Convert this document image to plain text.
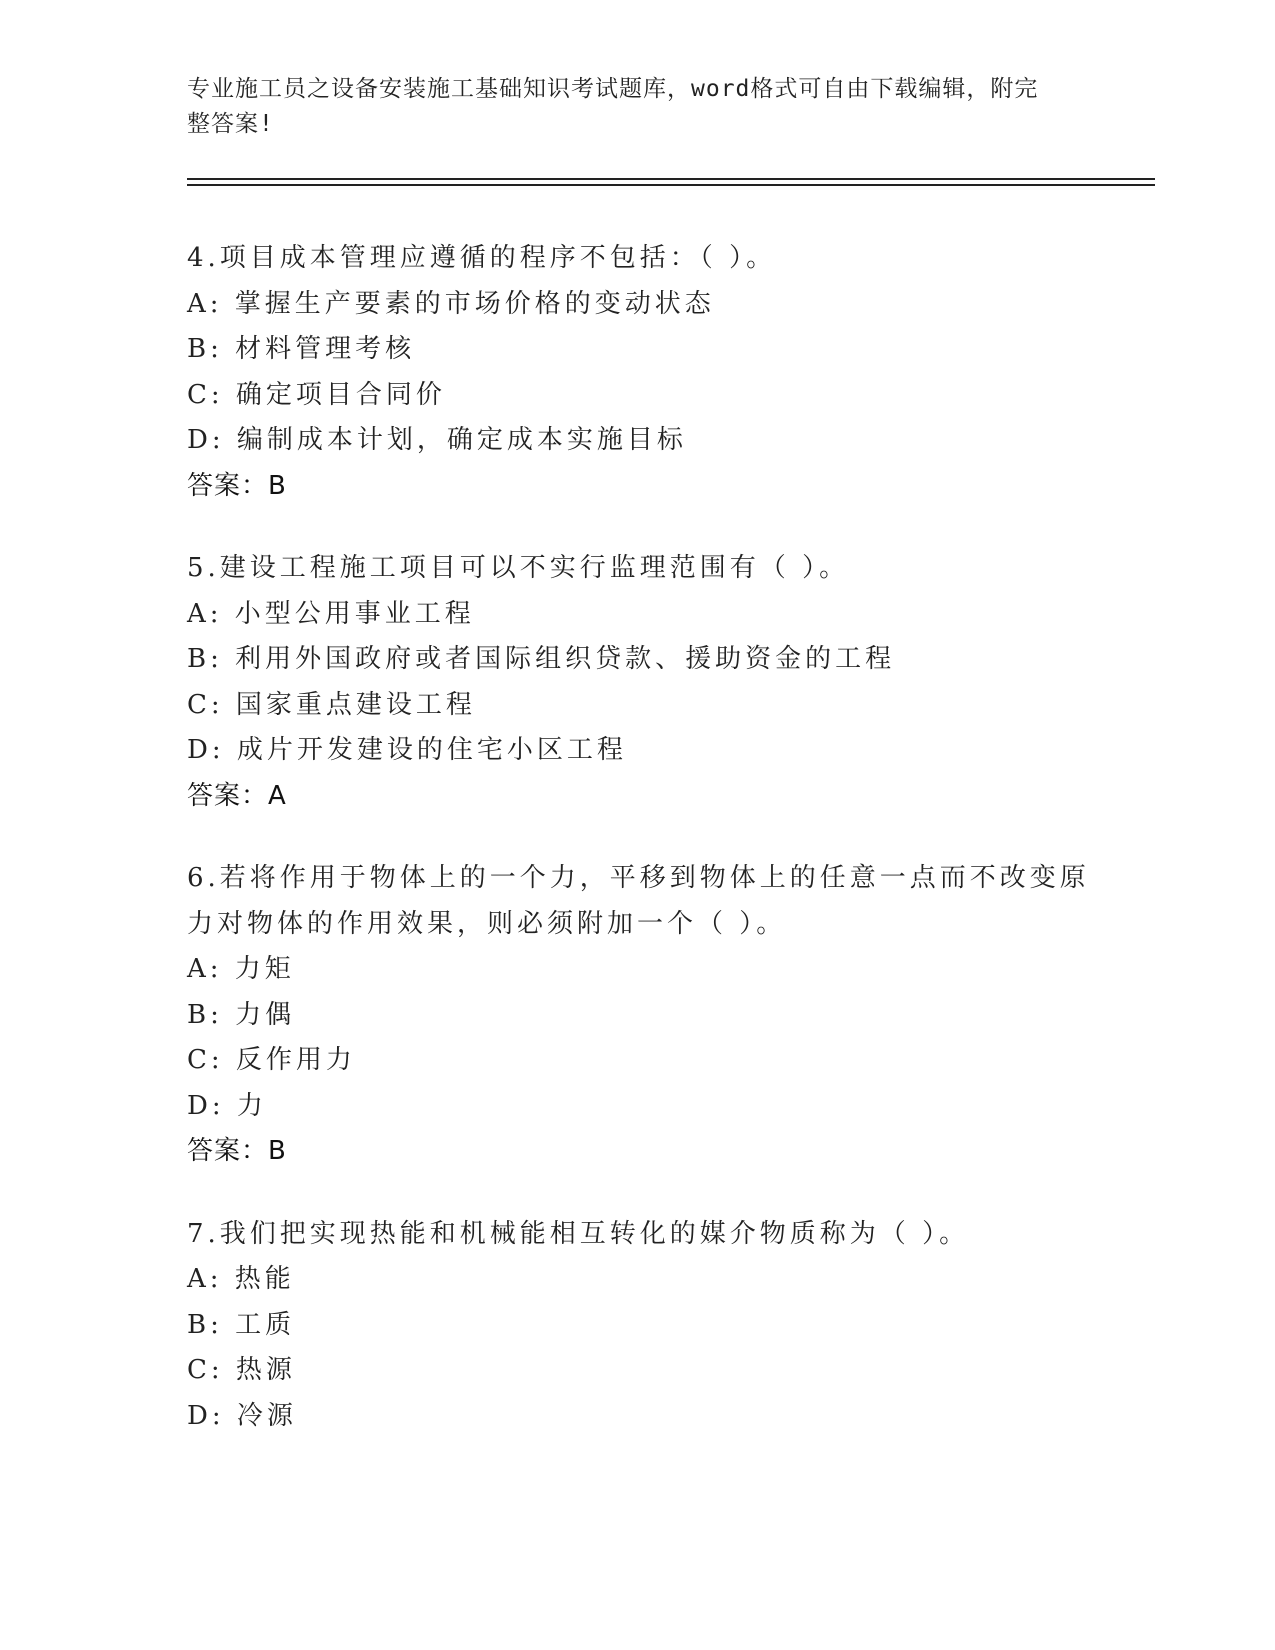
专业施工员之设备安装施工基础知识考试题库，word格式可自由下载编辑，附完
整答案!
4.项目成本管理应遵循的程序不包括：（ ）。
A: 掌握生产要素的市场价格的变动状态
B: 材料管理考核
C: 确定项目合同价
D: 编制成本计划，确定成本实施目标
答案：B
5.建设工程施工项目可以不实行监理范围有（ ）。
A: 小型公用事业工程
B: 利用外国政府或者国际组织贷款、援助资金的工程
C: 国家重点建设工程
D: 成片开发建设的住宅小区工程
答案：A
6.若将作用于物体上的一个力，平移到物体上的任意一点而不改变原
力对物体的作用效果，则必须附加一个（ ）。
A: 力矩
B: 力偶
C: 反作用力
D: 力
答案：B
7.我们把实现热能和机械能相互转化的媒介物质称为（ ）。
A: 热能
B: 工质
C: 热源
D: 冷源
